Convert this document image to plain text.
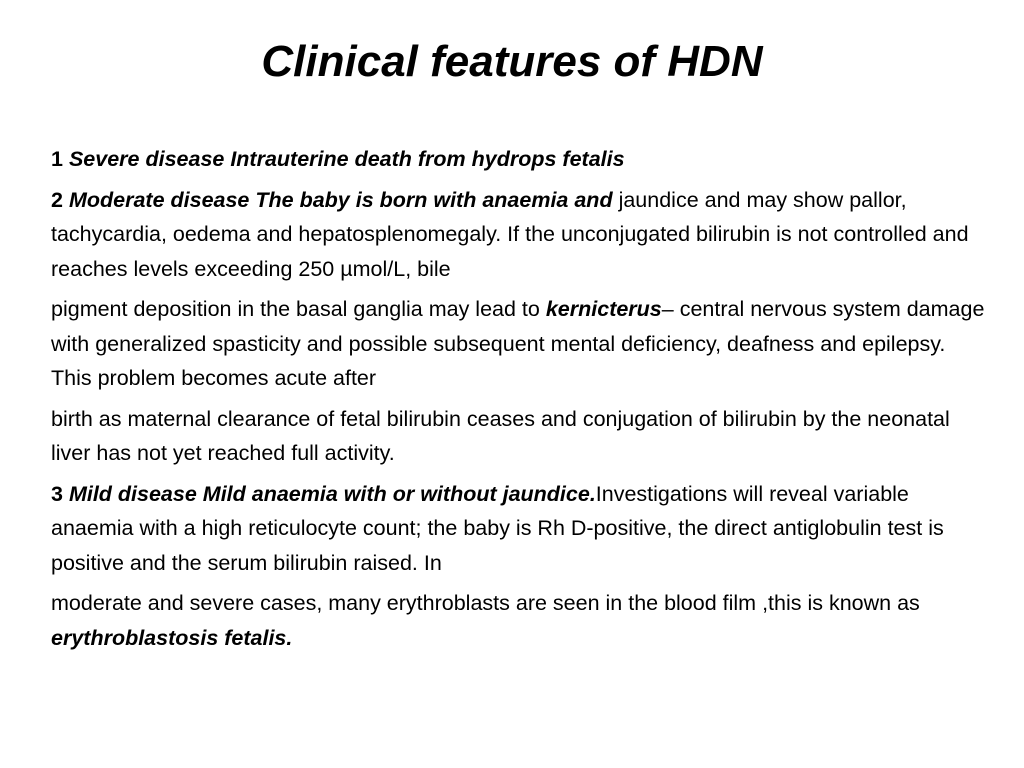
Clinical features of HDN

1 Severe disease Intrauterine death from hydrops fetalis

2 Moderate disease The baby is born with anaemia and jaundice and may show pallor, tachycardia, oedema and hepatosplenomegaly. If the unconjugated bilirubin is not controlled and reaches levels exceeding 250 µmol/L, bile

pigment deposition in the basal ganglia may lead to kernicterus– central nervous system damage with generalized spasticity and possible subsequent mental deficiency, deafness and epilepsy. This problem becomes acute after

birth as maternal clearance of fetal bilirubin ceases and conjugation of bilirubin by the neonatal liver has not yet reached full activity.

3 Mild disease Mild anaemia with or without jaundice.Investigations will reveal variable anaemia with a high reticulocyte count; the baby is Rh D-positive, the direct antiglobulin test is positive and the serum bilirubin raised. In

moderate and severe cases, many erythroblasts are seen in the blood film ,this is known as erythroblastosis fetalis.
